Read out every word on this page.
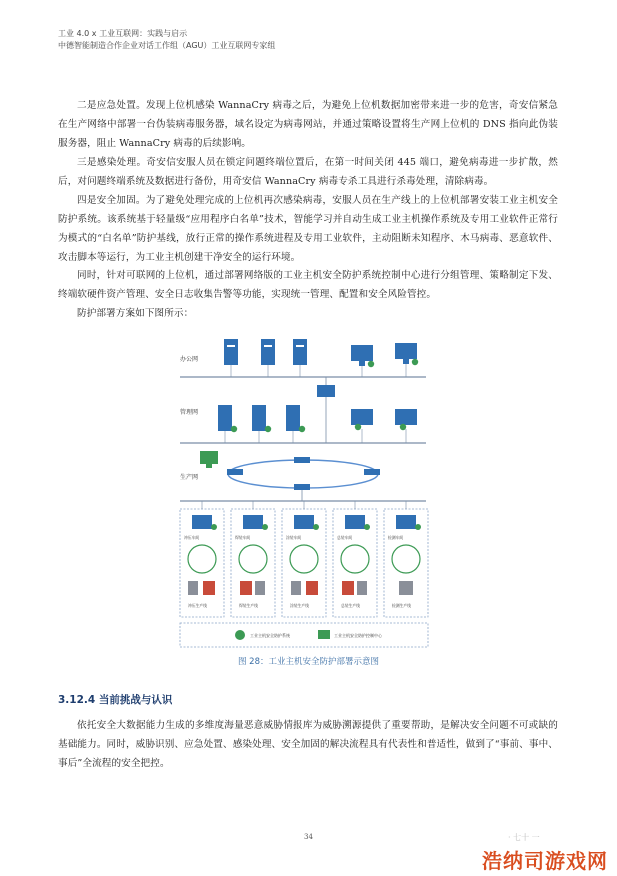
工业 4.0 x 工业互联网：实践与启示
中德智能制造合作企业对话工作组（AGU）工业互联网专家组
二是应急处置。发现上位机感染 WannaCry 病毒之后，为避免上位机数据加密带来进一步的危害，奇安信紧急在生产网络中部署一台伪装病毒服务器，域名设定为病毒网站，并通过策略设置将生产网上位机的 DNS 指向此伪装服务器，阻止 WannaCry 病毒的后续影响。
三是感染处理。奇安信安服人员在锁定问题终端位置后，在第一时间关闭 445 端口，避免病毒进一步扩散，然后，对问题终端系统及数据进行备份，用奇安信 WannaCry 病毒专杀工具进行杀毒处理，清除病毒。
四是安全加固。为了避免处理完成的上位机再次感染病毒，安服人员在生产线上的上位机部署安装工业主机安全防护系统。该系统基于轻量级“应用程序白名单”技术，智能学习并自动生成工业主机操作系统及专用工业软件正常行为模式的“白名单”防护基线，放行正常的操作系统进程及专用工业软件，主动阻断未知程序、木马病毒、恶意软件、攻击脚本等运行，为工业主机创建干净安全的运行环境。
同时，针对可联网的上位机，通过部署网络版的工业主机安全防护系统控制中心进行分组管理、策略制定下发、终端软硬件资产管理、安全日志收集告警等功能，实现统一管理、配置和安全风险管控。
防护部署方案如下图所示：
办公网
管理网
生产网
冲压车间
冲压生产线
焊装车间
焊装生产线
涂装车间
涂装生产线
总装车间
总装生产线
检测车间
检测生产线
工业主机安全防护系统	工业主机安全防护控制中心
图 28：工业主机安全防护部署示意图
3.12.4 当前挑战与认识
依托安全大数据能力生成的多维度海量恶意威胁情报库为威胁溯源提供了重要帮助，是解决安全问题不可或缺的基础能力。同时，威胁识别、应急处置、感染处理、安全加固的解决流程具有代表性和普适性，做到了“事前、事中、事后”全流程的安全把控。
34	· 七十 一
浩纳司游戏网
